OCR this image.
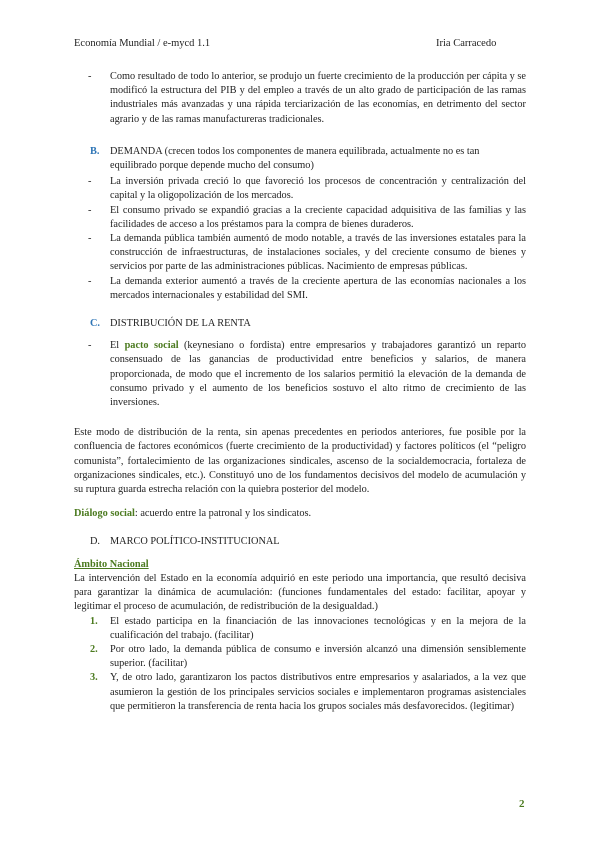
Economía Mundial / e-mycd 1.1	Iria Carracedo
- Como resultado de todo lo anterior, se produjo un fuerte crecimiento de la producción per cápita y se modificó la estructura del PIB y del empleo a través de un alto grado de participación de las ramas industriales más avanzadas y una rápida terciarización de las economías, en detrimento del sector agrario y de las ramas manufactureras tradicionales.
B. DEMANDA (crecen todos los componentes de manera equilibrada, actualmente no es tan equilibrado porque depende mucho del consumo)
- La inversión privada creció lo que favoreció los procesos de concentración y centralización del capital y la oligopolización de los mercados.
- El consumo privado se expandió gracias a la creciente capacidad adquisitiva de las familias y las facilidades de acceso a los préstamos para la compra de bienes duraderos.
- La demanda pública también aumentó de modo notable, a través de las inversiones estatales para la construcción de infraestructuras, de instalaciones sociales, y del creciente consumo de bienes y servicios por parte de las administraciones públicas. Nacimiento de empresas públicas.
- La demanda exterior aumentó a través de la creciente apertura de las economías nacionales a los mercados internacionales y estabilidad del SMI.
C. DISTRIBUCIÓN DE LA RENTA
- El pacto social (keynesiano o fordista) entre empresarios y trabajadores garantizó un reparto consensuado de las ganancias de productividad entre beneficios y salarios, de manera proporcionada, de modo que el incremento de los salarios permitió la elevación de la demanda de consumo privado y el aumento de los beneficios sostuvo el alto ritmo de crecimiento de las inversiones.

Este modo de distribución de la renta, sin apenas precedentes en periodos anteriores, fue posible por la confluencia de factores económicos (fuerte crecimiento de la productividad) y factores políticos (el “peligro comunista”, fortalecimiento de las organizaciones sindicales, ascenso de la socialdemocracia, fortaleza de organizaciones sindicales, etc.). Constituyó uno de los fundamentos decisivos del modelo de acumulación y su ruptura guarda estrecha relación con la quiebra posterior del modelo.

Diálogo social: acuerdo entre la patronal y los sindicatos.

D. MARCO POLÍTICO-INSTITUCIONAL

Ámbito Nacional

La intervención del Estado en la economía adquirió en este periodo una importancia, que resultó decisiva para garantizar la dinámica de acumulación: (funciones fundamentales del estado: facilitar, apoyar y legitimar el proceso de acumulación, de redistribución de la desigualdad.)

1. El estado participa en la financiación de las innovaciones tecnológicas y en la mejora de la cualificación del trabajo. (facilitar)
2. Por otro lado, la demanda pública de consumo e inversión alcanzó una dimensión sensiblemente superior. (facilitar)
3. Y, de otro lado, garantizaron los pactos distributivos entre empresarios y asalariados, a la vez que asumieron la gestión de los principales servicios sociales e implementaron programas asistenciales que permitieron la transferencia de renta hacia los grupos sociales más desfavorecidos. (legitimar)
2
